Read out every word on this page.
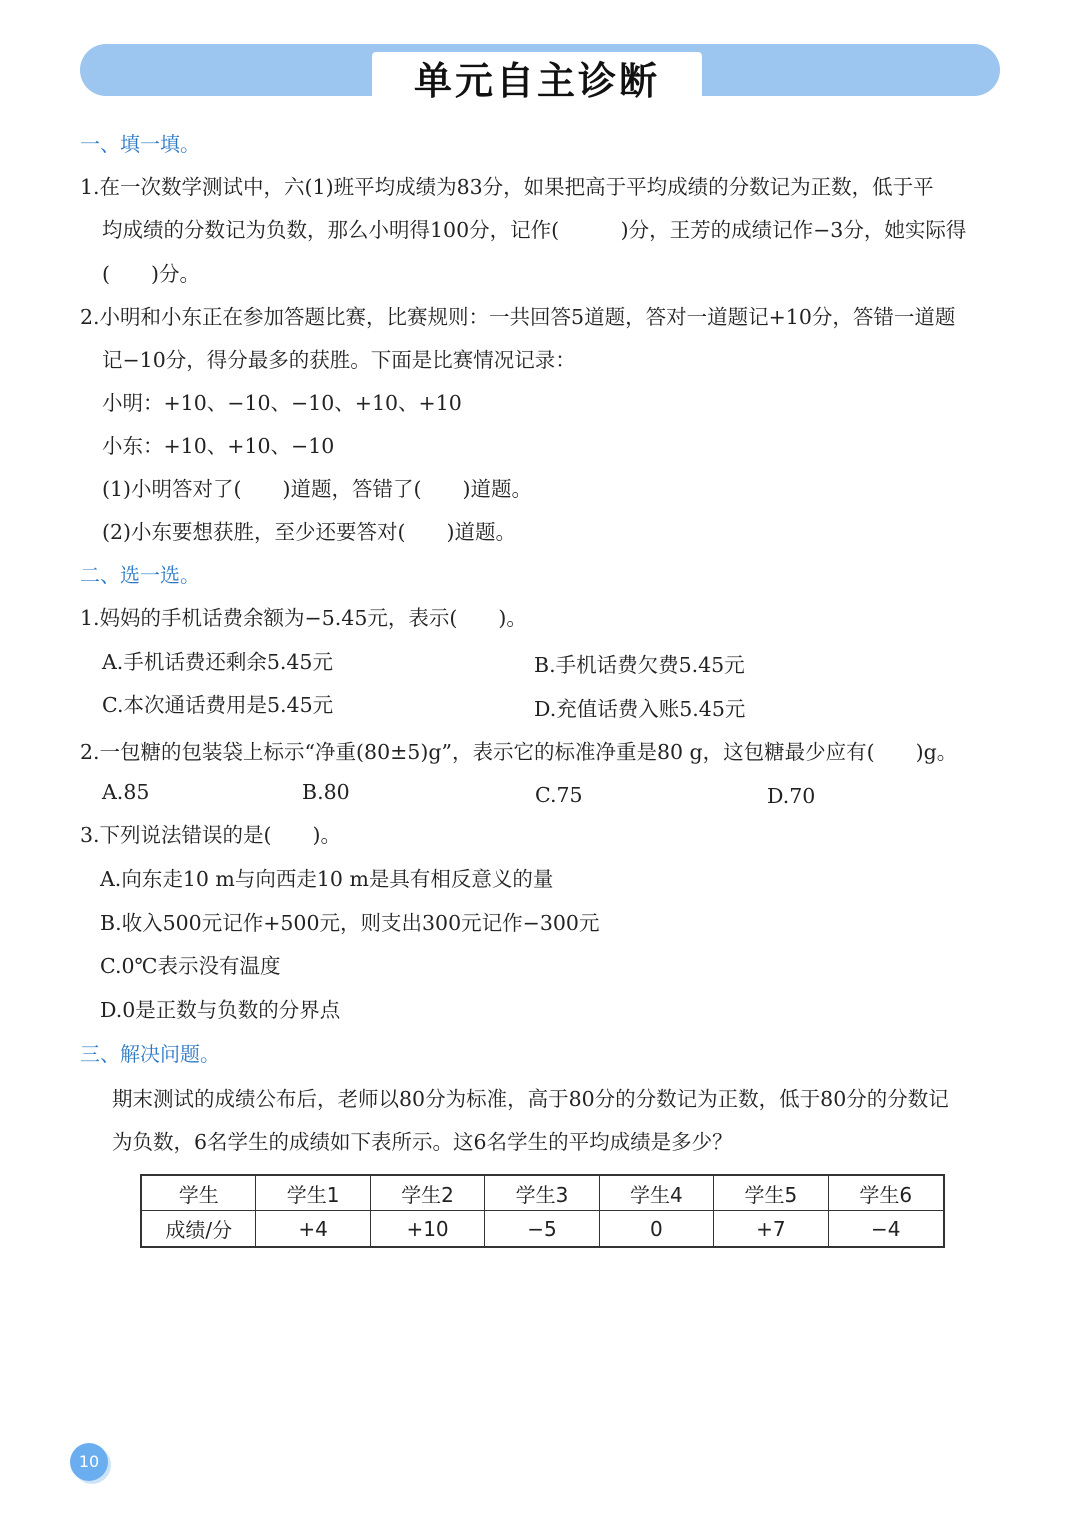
单元自主诊断
一、填一填。
1.在一次数学测试中，六(1)班平均成绩为83分，如果把高于平均成绩的分数记为正数，低于平
均成绩的分数记为负数，那么小明得100分，记作(　　　)分，王芳的成绩记作−3分，她实际得
(　　)分。
2.小明和小东正在参加答题比赛，比赛规则：一共回答5道题，答对一道题记+10分，答错一道题
记−10分，得分最多的获胜。下面是比赛情况记录：
小明：+10、−10、−10、+10、+10
小东：+10、+10、−10
(1)小明答对了(　　)道题，答错了(　　)道题。
(2)小东要想获胜，至少还要答对(　　)道题。
二、选一选。
1.妈妈的手机话费余额为−5.45元，表示(　　)。
A.手机话费还剩余5.45元	B.手机话费欠费5.45元
C.本次通话费用是5.45元	D.充值话费入账5.45元
2.一包糖的包装袋上标示“净重(80±5)g”，表示它的标准净重是80 g，这包糖最少应有(　　)g。
A.85	B.80	C.75	D.70
3.下列说法错误的是(　　)。
A.向东走10 m与向西走10 m是具有相反意义的量
B.收入500元记作+500元，则支出300元记作−300元
C.0℃表示没有温度
D.0是正数与负数的分界点
三、解决问题。
期末测试的成绩公布后，老师以80分为标准，高于80分的分数记为正数，低于80分的分数记
为负数，6名学生的成绩如下表所示。这6名学生的平均成绩是多少？
学生	学生1	学生2	学生3	学生4	学生5	学生6
成绩/分	+4	+10	−5	0	+7	−4
10
